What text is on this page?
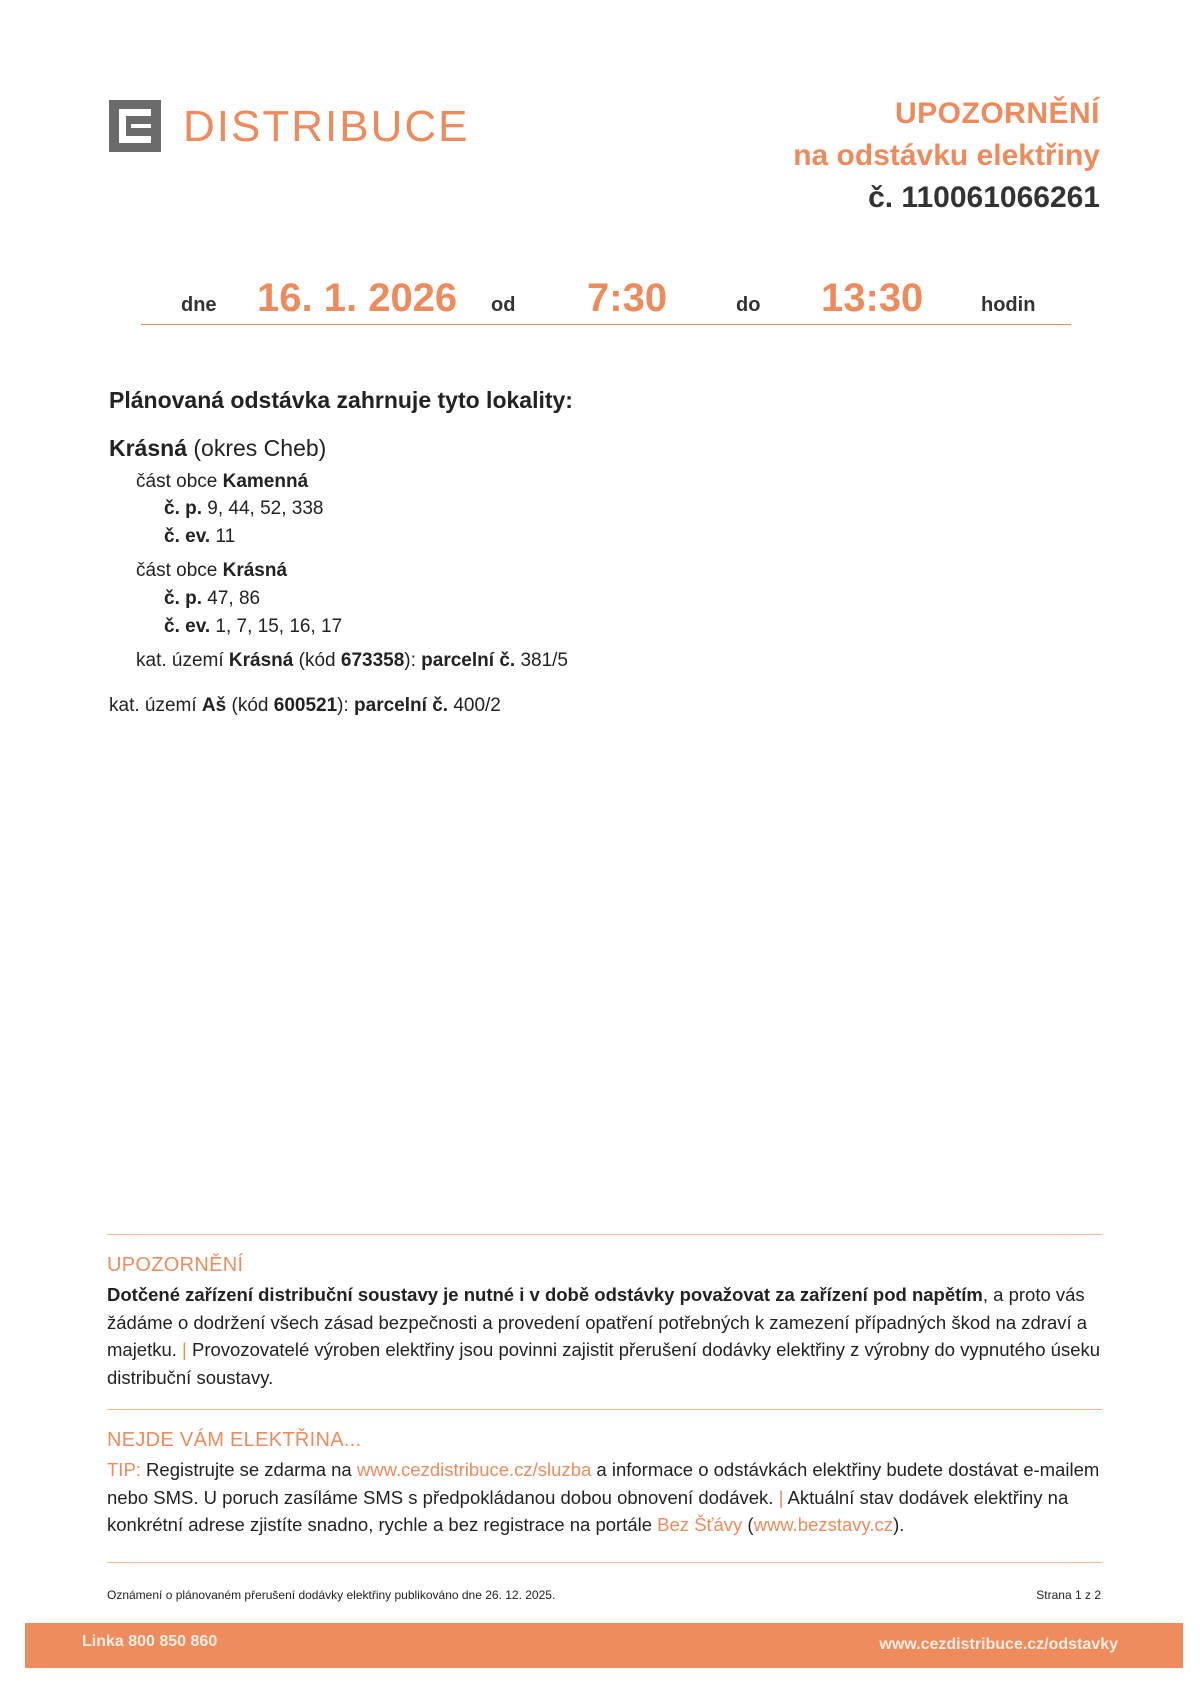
DISTRIBUCE	UPOZORNĚNÍ
na odstávku elektřiny
č. 110061066261
dne 16. 1. 2026 od 7:30	do 13:30	hodin
Plánovaná odstávka zahrnuje tyto lokality:
Krásná (okres Cheb)
část obce Kamenná
č. p. 9, 44, 52, 338
č. ev. 11
část obce Krásná
č. p. 47, 86
č. ev. 1, 7, 15, 16, 17
kat. území Krásná (kód 673358): parcelní č. 381/5
kat. území Aš (kód 600521): parcelní č. 400/2
UPOZORNĚNÍ
Dotčené zařízení distribuční soustavy je nutné i v době odstávky považovat za zařízení pod napětím, a proto vás žádáme o dodržení všech zásad bezpečnosti a provedení opatření potřebných k zamezení případných škod na zdraví a majetku. | Provozovatelé výroben elektřiny jsou povinni zajistit přerušení dodávky elektřiny z výrobny do vypnutého úseku distribuční soustavy.
NEJDE VÁM ELEKTŘINA...
TIP: Registrujte se zdarma na www.cezdistribuce.cz/sluzba a informace o odstávkách elektřiny budete dostávat e-mailem nebo SMS. U poruch zasíláme SMS s předpokládanou dobou obnovení dodávek. | Aktuální stav dodávek elektřiny na konkrétní adrese zjistíte snadno, rychle a bez registrace na portále Bez Šťávy (www.bezstavy.cz).
Oznámení o plánovaném přerušení dodávky elektřiny publikováno dne 26. 12. 2025.	Strana 1 z 2
Linka 800 850 860	www.cezdistribuce.cz/odstavky
